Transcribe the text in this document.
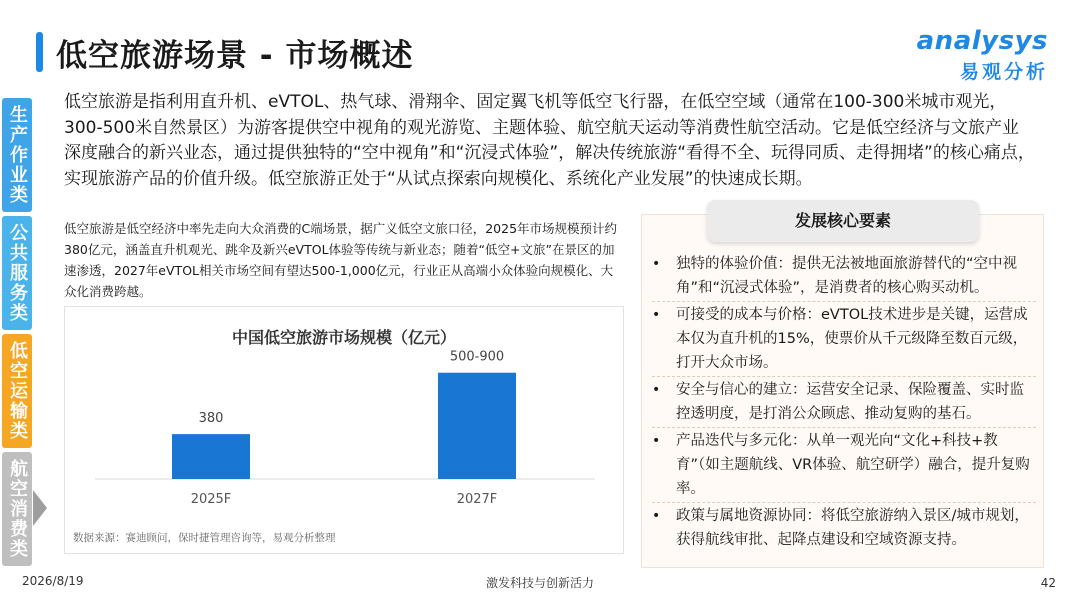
低空旅游场景 - 市场概述	analysys
易观分析
生产作业类
公共服务类
低空运输类
航空消费类
低空旅游是指利用直升机、eVTOL、热气球、滑翔伞、固定翼飞机等低空飞行器，在低空空域（通常在100-300米城市观光，300-500米自然景区）为游客提供空中视角的观光游览、主题体验、航空航天运动等消费性航空活动。它是低空经济与文旅产业深度融合的新兴业态，通过提供独特的“空中视角”和“沉浸式体验”，解决传统旅游“看得不全、玩得同质、走得拥堵”的核心痛点，实现旅游产品的价值升级。低空旅游正处于“从试点探索向规模化、系统化产业发展”的快速成长期。
低空旅游是低空经济中率先走向大众消费的C端场景，据广义低空文旅口径，2025年市场规模预计约380亿元，涵盖直升机观光、跳伞及新兴eVTOL体验等传统与新业态；随着“低空+文旅”在景区的加速渗透，2027年eVTOL相关市场空间有望达500-1,000亿元，行业正从高端小众体验向规模化、大众化消费跨越。
中国低空旅游市场规模（亿元）
380
2025F
500-900
2027F
数据来源：赛迪顾问，保时捷管理咨询等，易观分析整理
发展核心要素
• 独特的体验价值：提供无法被地面旅游替代的“空中视角”和“沉浸式体验”，是消费者的核心购买动机。
• 可接受的成本与价格：eVTOL技术进步是关键，运营成本仅为直升机的15%，使票价从千元级降至数百元级，打开大众市场。
• 安全与信心的建立：运营安全记录、保险覆盖、实时监控透明度，是打消公众顾虑、推动复购的基石。
• 产品迭代与多元化：从单一观光向“文化+科技+教育”（如主题航线、VR体验、航空研学）融合，提升复购率。
• 政策与属地资源协同：将低空旅游纳入景区/城市规划，获得航线审批、起降点建设和空域资源支持。
2026/8/19	激发科技与创新活力	42
